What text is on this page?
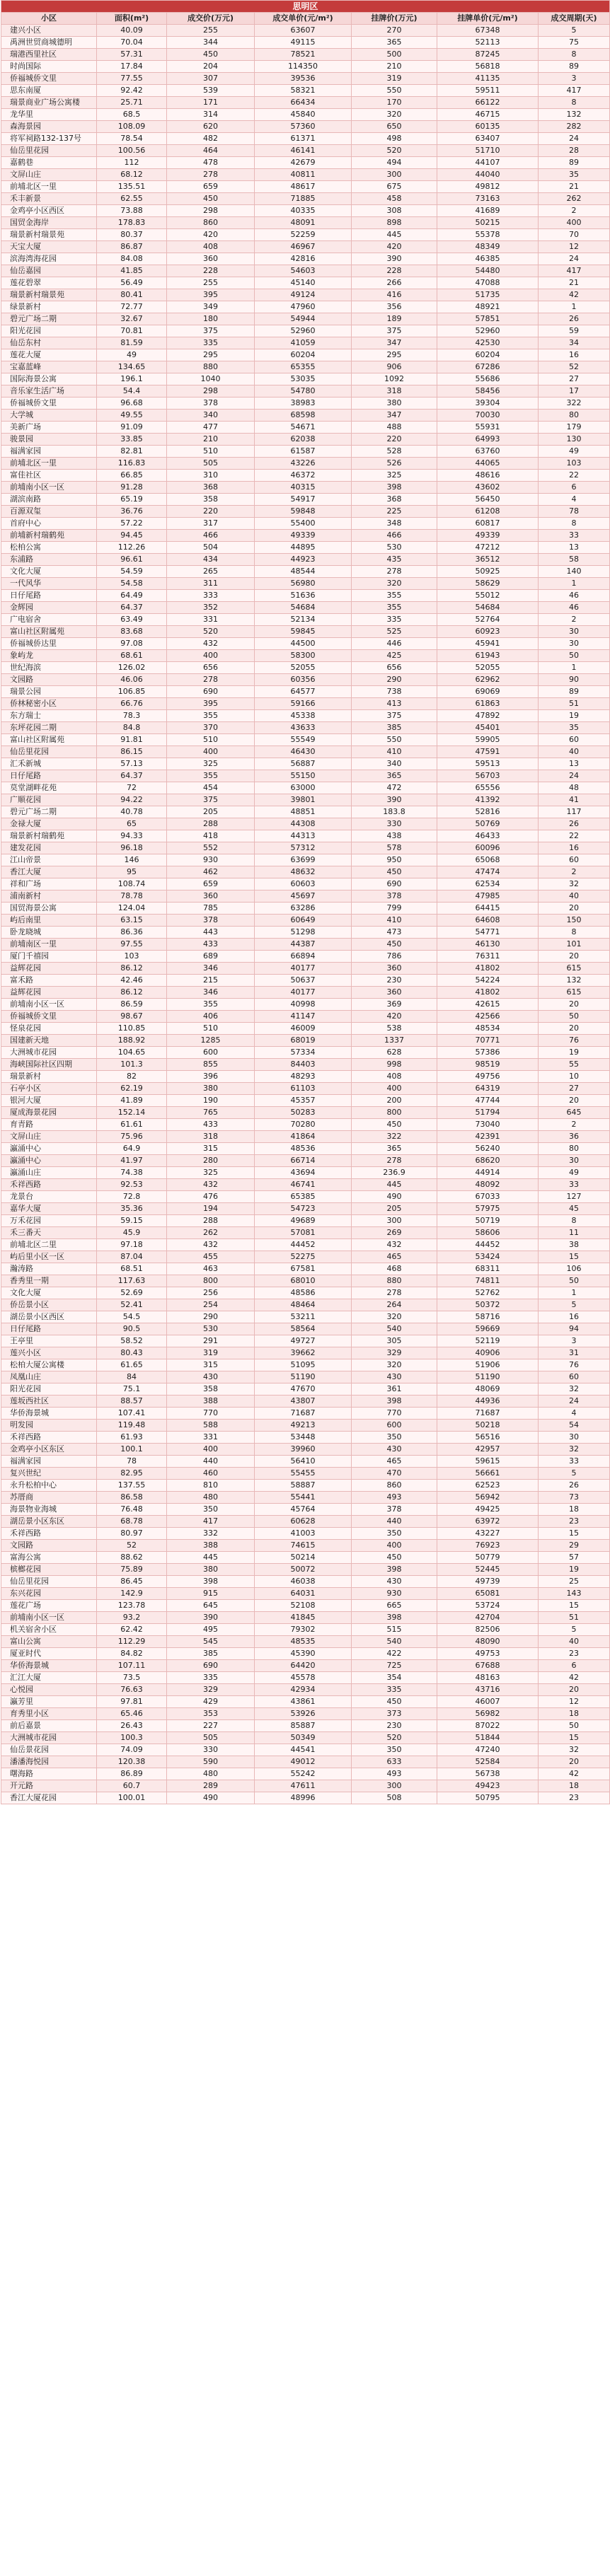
思明区						
小区	面积(m²)	成交价(万元)	成交单价(元/m²)	挂牌价(万元)	挂牌单价(元/m²)	成交周期(天)
建兴小区	40.09	255	63607	270	67348	5
禹洲世贸商城德明	70.04	344	49115	365	52113	75
瑞港西里社区	57.31	450	78521	500	87245	8
时尚国际	17.84	204	114350	210	56818	89
侨福城侨文里	77.55	307	39536	319	41135	3
思东南厦	92.42	539	58321	550	59511	417
瑞景商业广场公寓楼	25.71	171	66434	170	66122	8
龙华里	68.5	314	45840	320	46715	132
森海景园	108.09	620	57360	650	60135	282
将军祠路132-137号	78.54	482	61371	498	63407	24
仙岳里花园	100.56	464	46141	520	51710	28
嘉鹤巷	112	478	42679	494	44107	89
文屏山庄	68.12	278	40811	300	44040	35
前埔北区一里	135.51	659	48617	675	49812	21
禾丰新景	62.55	450	71885	458	73163	262
金鸡亭小区西区	73.88	298	40335	308	41689	2
国贸金海岸	178.83	860	48091	898	50215	400
瑞景新村瑞景苑	80.37	420	52259	445	55378	70
天宝大厦	86.87	408	46967	420	48349	12
滨海湾海花园	84.08	360	42816	390	46385	24
仙岳嘉园	41.85	228	54603	228	54480	417
莲花碧翠	56.49	255	45140	266	47088	21
瑞景新村瑞景苑	80.41	395	49124	416	51735	42
绿景新村	72.77	349	47960	356	48921	1
碧元广场二期	32.67	180	54944	189	57851	26
阳光花园	70.81	375	52960	375	52960	59
仙岳东村	81.59	335	41059	347	42530	34
莲花大厦	49	295	60204	295	60204	16
宝嘉蓝峰	134.65	880	65355	906	67286	52
国际海景公寓	196.1	1040	53035	1092	55686	27
音乐家生活广场	54.4	298	54780	318	58456	17
侨福城侨文里	96.68	378	38983	380	39304	322
大学城	49.55	340	68598	347	70030	80
美新广场	91.09	477	54671	488	55931	179
骏景园	33.85	210	62038	220	64993	130
福满家园	82.81	510	61587	528	63760	49
前埔北区一里	116.83	505	43226	526	44065	103
富佳社区	66.85	310	46372	325	48616	22
前埔南小区一区	91.28	368	40315	398	43602	6
湖滨南路	65.19	358	54917	368	56450	4
百源双玺	36.76	220	59848	225	61208	78
首府中心	57.22	317	55400	348	60817	8
前埔新村瑞鹤苑	94.45	466	49339	466	49339	33
松柏公寓	112.26	504	44895	530	47212	13
东浦路	96.61	434	44923	435	36512	58
文化大厦	54.59	265	48544	278	50925	140
一代风华	54.58	311	56980	320	58629	1
日仔尾路	64.49	333	51636	355	55012	46
金辉园	64.37	352	54684	355	54684	46
广电宿舍	63.49	331	52134	335	52764	2
富山社区附属苑	83.68	520	59845	525	60923	30
侨福城侨达里	97.08	432	44500	446	45941	30
象屿龙	68.61	400	58300	425	61943	50
世纪海滨	126.02	656	52055	656	52055	1
文园路	46.06	278	60356	290	62962	90
瑞景公园	106.85	690	64577	738	69069	89
侨林秘密小区	66.76	395	59166	413	61863	51
东方瑞士	78.3	355	45338	375	47892	19
东坪花园二期	84.8	370	43633	385	45401	35
富山社区附属苑	91.81	510	55549	550	59905	60
仙岳里花园	86.15	400	46430	410	47591	40
汇禾新城	57.13	325	56887	340	59513	13
日仔尾路	64.37	355	55150	365	56703	24
莫堂湖畔花苑	72	454	63000	472	65556	48
广顺花园	94.22	375	39801	390	41392	41
碧元广场二期	40.78	205	48851	183.8	52816	117
金禄大厦	65	288	44308	330	50769	26
瑞景新村瑞鹤苑	94.33	418	44313	438	46433	22
建发花园	96.18	552	57312	578	60096	16
江山帝景	146	930	63699	950	65068	60
香江大厦	95	462	48632	450	47474	2
祥和广场	108.74	659	60603	690	62534	32
浦南新村	78.78	360	45697	378	47985	40
国贸海景公寓	124.04	785	63286	799	64415	20
屿后南里	63.15	378	60649	410	64608	150
卧龙晓城	86.36	443	51298	473	54771	8
前埔南区一里	97.55	433	44387	450	46130	101
厦门千禧园	103	689	66894	786	76311	20
益辉花园	86.12	346	40177	360	41802	615
富禾路	42.46	215	50637	230	54224	132
益辉花园	86.12	346	40177	360	41802	615
前埔南小区一区	86.59	355	40998	369	42615	20
侨福城侨文里	98.67	406	41147	420	42566	50
怪泉花园	110.85	510	46009	538	48534	20
国建新天地	188.92	1285	68019	1337	70771	76
大洲城市花园	104.65	600	57334	628	57386	19
海峡国际社区四期	101.3	855	84403	998	98519	55
瑞景新村	82	396	48293	408	49756	10
石亭小区	62.19	380	61103	400	64319	27
银河大厦	41.89	190	45357	200	47744	20
厦成海景花园	152.14	765	50283	800	51794	645
育青路	61.61	433	70280	450	73040	2
文屏山庄	75.96	318	41864	322	42391	36
瀛涌中心	64.9	315	48536	365	56240	80
瀛涌中心	41.97	280	66714	278	68620	30
瀛涌山庄	74.38	325	43694	236.9	44914	49
禾祥西路	92.53	432	46741	445	48092	33
龙景台	72.8	476	65385	490	67033	127
嘉华大厦	35.36	194	54723	205	57975	45
万禾花园	59.15	288	49689	300	50719	8
禾三番天	45.9	262	57081	269	58606	11
前埔北区二里	97.18	432	44452	432	44452	38
屿后里小区一区	87.04	455	52275	465	53424	15
瀚涛路	68.51	463	67581	468	68311	106
香秀里一期	117.63	800	68010	880	74811	50
文化大厦	52.69	256	48586	278	52762	1
侨岳景小区	52.41	254	48464	264	50372	5
湖岳景小区西区	54.5	290	53211	320	58716	16
日仔尾路	90.5	530	58564	540	59669	94
王亭里	58.52	291	49727	305	52119	3
莲兴小区	80.43	319	39662	329	40906	31
松柏大厦公寓楼	61.65	315	51095	320	51906	76
凤凰山庄	84	430	51190	430	51190	60
阳光花园	75.1	358	47670	361	48069	32
莲坂西社区	88.57	388	43807	398	44936	24
华侨海景城	107.41	770	71687	770	71687	4
明发园	119.48	588	49213	600	50218	54
禾祥西路	61.93	331	53448	350	56516	30
金鸡亭小区东区	100.1	400	39960	430	42957	32
福满家园	78	440	56410	465	59615	33
复兴世纪	82.95	460	55455	470	56661	5
永升松柏中心	137.55	810	58887	860	62523	26
苏厝商	86.58	480	55441	493	56942	73
海景物业海城	76.48	350	45764	378	49425	18
湖岳景小区东区	68.78	417	60628	440	63972	23
禾祥西路	80.97	332	41003	350	43227	15
文园路	52	388	74615	400	76923	29
富海公寓	88.62	445	50214	450	50779	57
槟榔花园	75.89	380	50072	398	52445	19
仙岳里花园	86.45	398	46038	430	49739	25
东兴花园	142.9	915	64031	930	65081	143
莲花广场	123.78	645	52108	665	53724	15
前埔南小区一区	93.2	390	41845	398	42704	51
机关宿舍小区	62.42	495	79302	515	82506	5
富山公寓	112.29	545	48535	540	48090	40
厦亚时代	84.82	385	45390	422	49753	23
华侨海景城	107.11	690	64420	725	67688	6
汇江大厦	73.5	335	45578	354	48163	42
心悦园	76.63	329	42934	335	43716	20
瀛芳里	97.81	429	43861	450	46007	12
育秀里小区	65.46	353	53926	373	56982	18
前后嘉景	26.43	227	85887	230	87022	50
大洲城市花园	100.3	505	50349	520	51844	15
仙岳景花园	74.09	330	44541	350	47240	32
潘潘海悦园	120.38	590	49012	633	52584	20
曙海路	86.89	480	55242	493	56738	42
开元路	60.7	289	47611	300	49423	18
香江大厦花园	100.01	490	48996	508	50795	23
